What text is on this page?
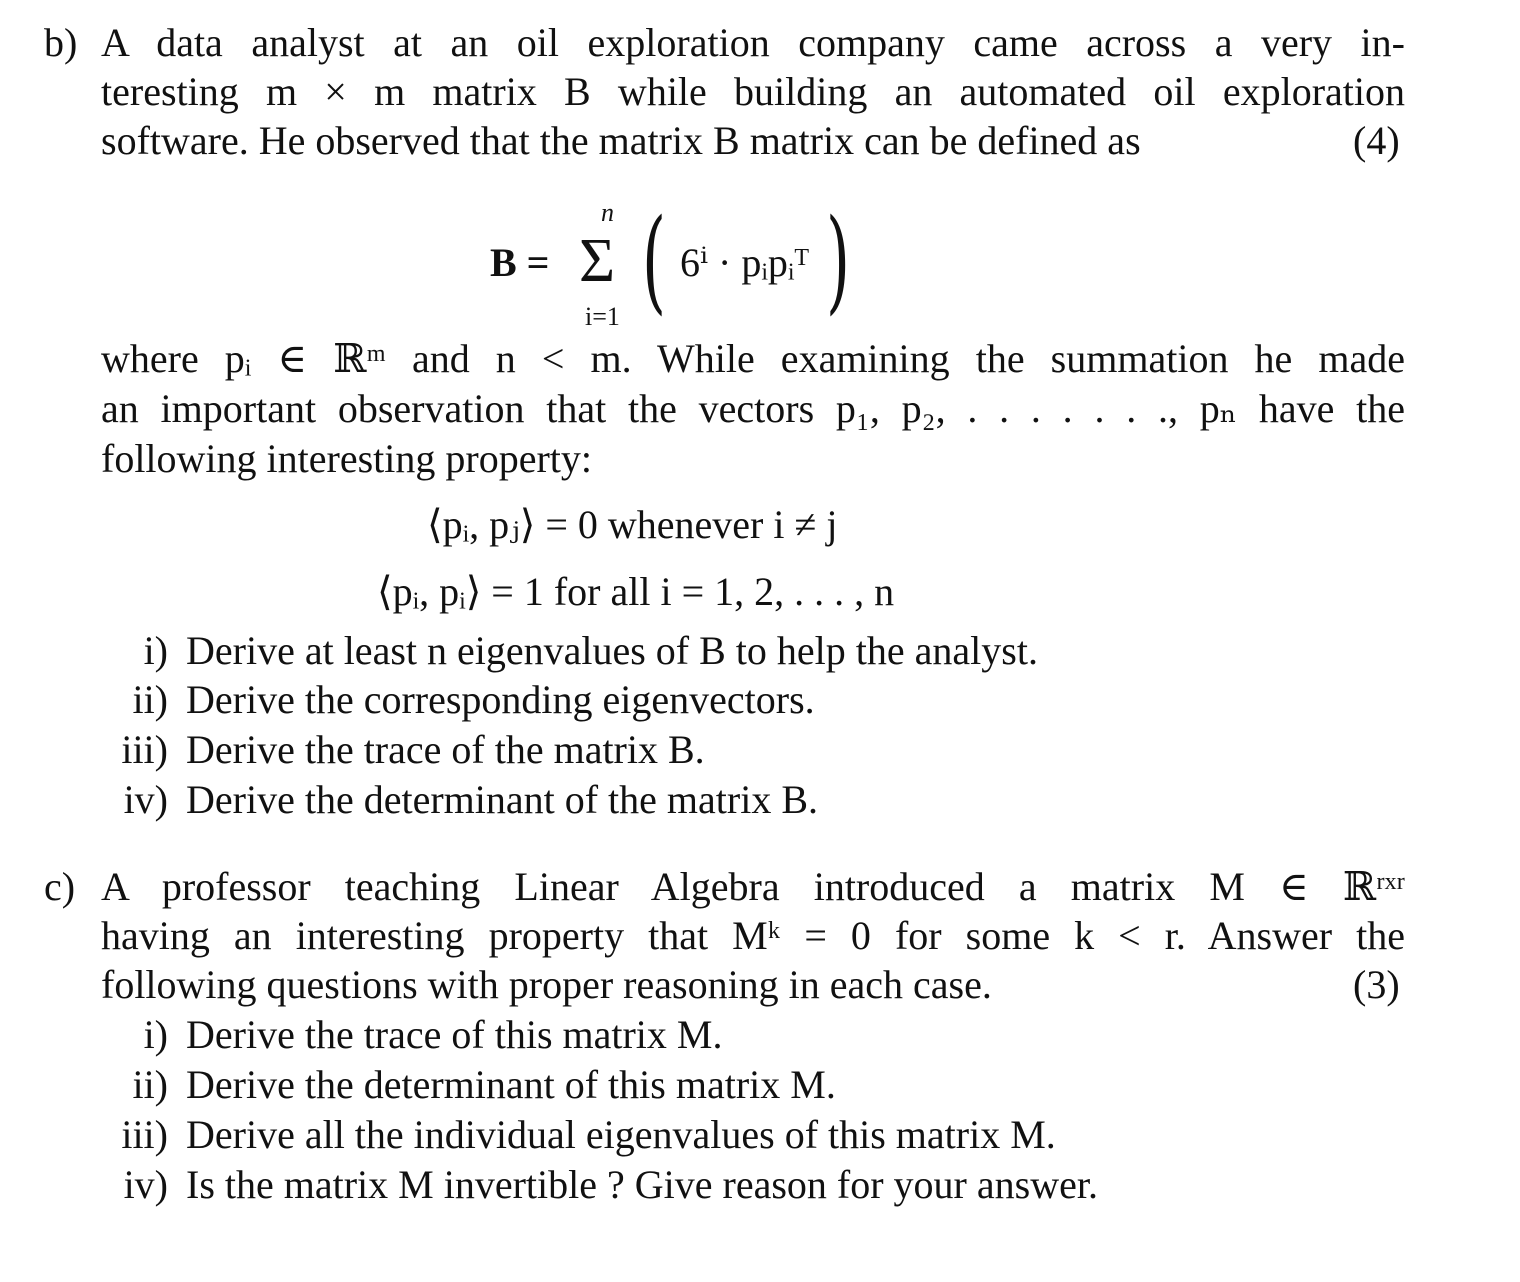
b) A data analyst at an oil exploration company came across a very in-
teresting m × m matrix B while building an automated oil exploration
software. He observed that the matrix B matrix can be defined as	(4)
B =
n
Σ
i=1 ( 6ⁱ · pᵢpᵢᵀ )
where pᵢ ∈ ℝᵐ and n < m. While examining the summation he made
an important observation that the vectors p₁, p₂, . . . . . . ., pₙ have the
following interesting property:
⟨pᵢ, pⱼ⟩ = 0 whenever i ≠ j
⟨pᵢ, pᵢ⟩ = 1 for all i = 1, 2, . . . , n
i) Derive at least n eigenvalues of B to help the analyst.
ii) Derive the corresponding eigenvectors.
iii) Derive the trace of the matrix B.
iv) Derive the determinant of the matrix B.
c) A professor teaching Linear Algebra introduced a matrix M ∈ ℝʳˣʳ
having an interesting property that Mᵏ = 0 for some k < r. Answer the
following questions with proper reasoning in each case.	(3)
i) Derive the trace of this matrix M.
ii) Derive the determinant of this matrix M.
iii) Derive all the individual eigenvalues of this matrix M.
iv) Is the matrix M invertible ? Give reason for your answer.
